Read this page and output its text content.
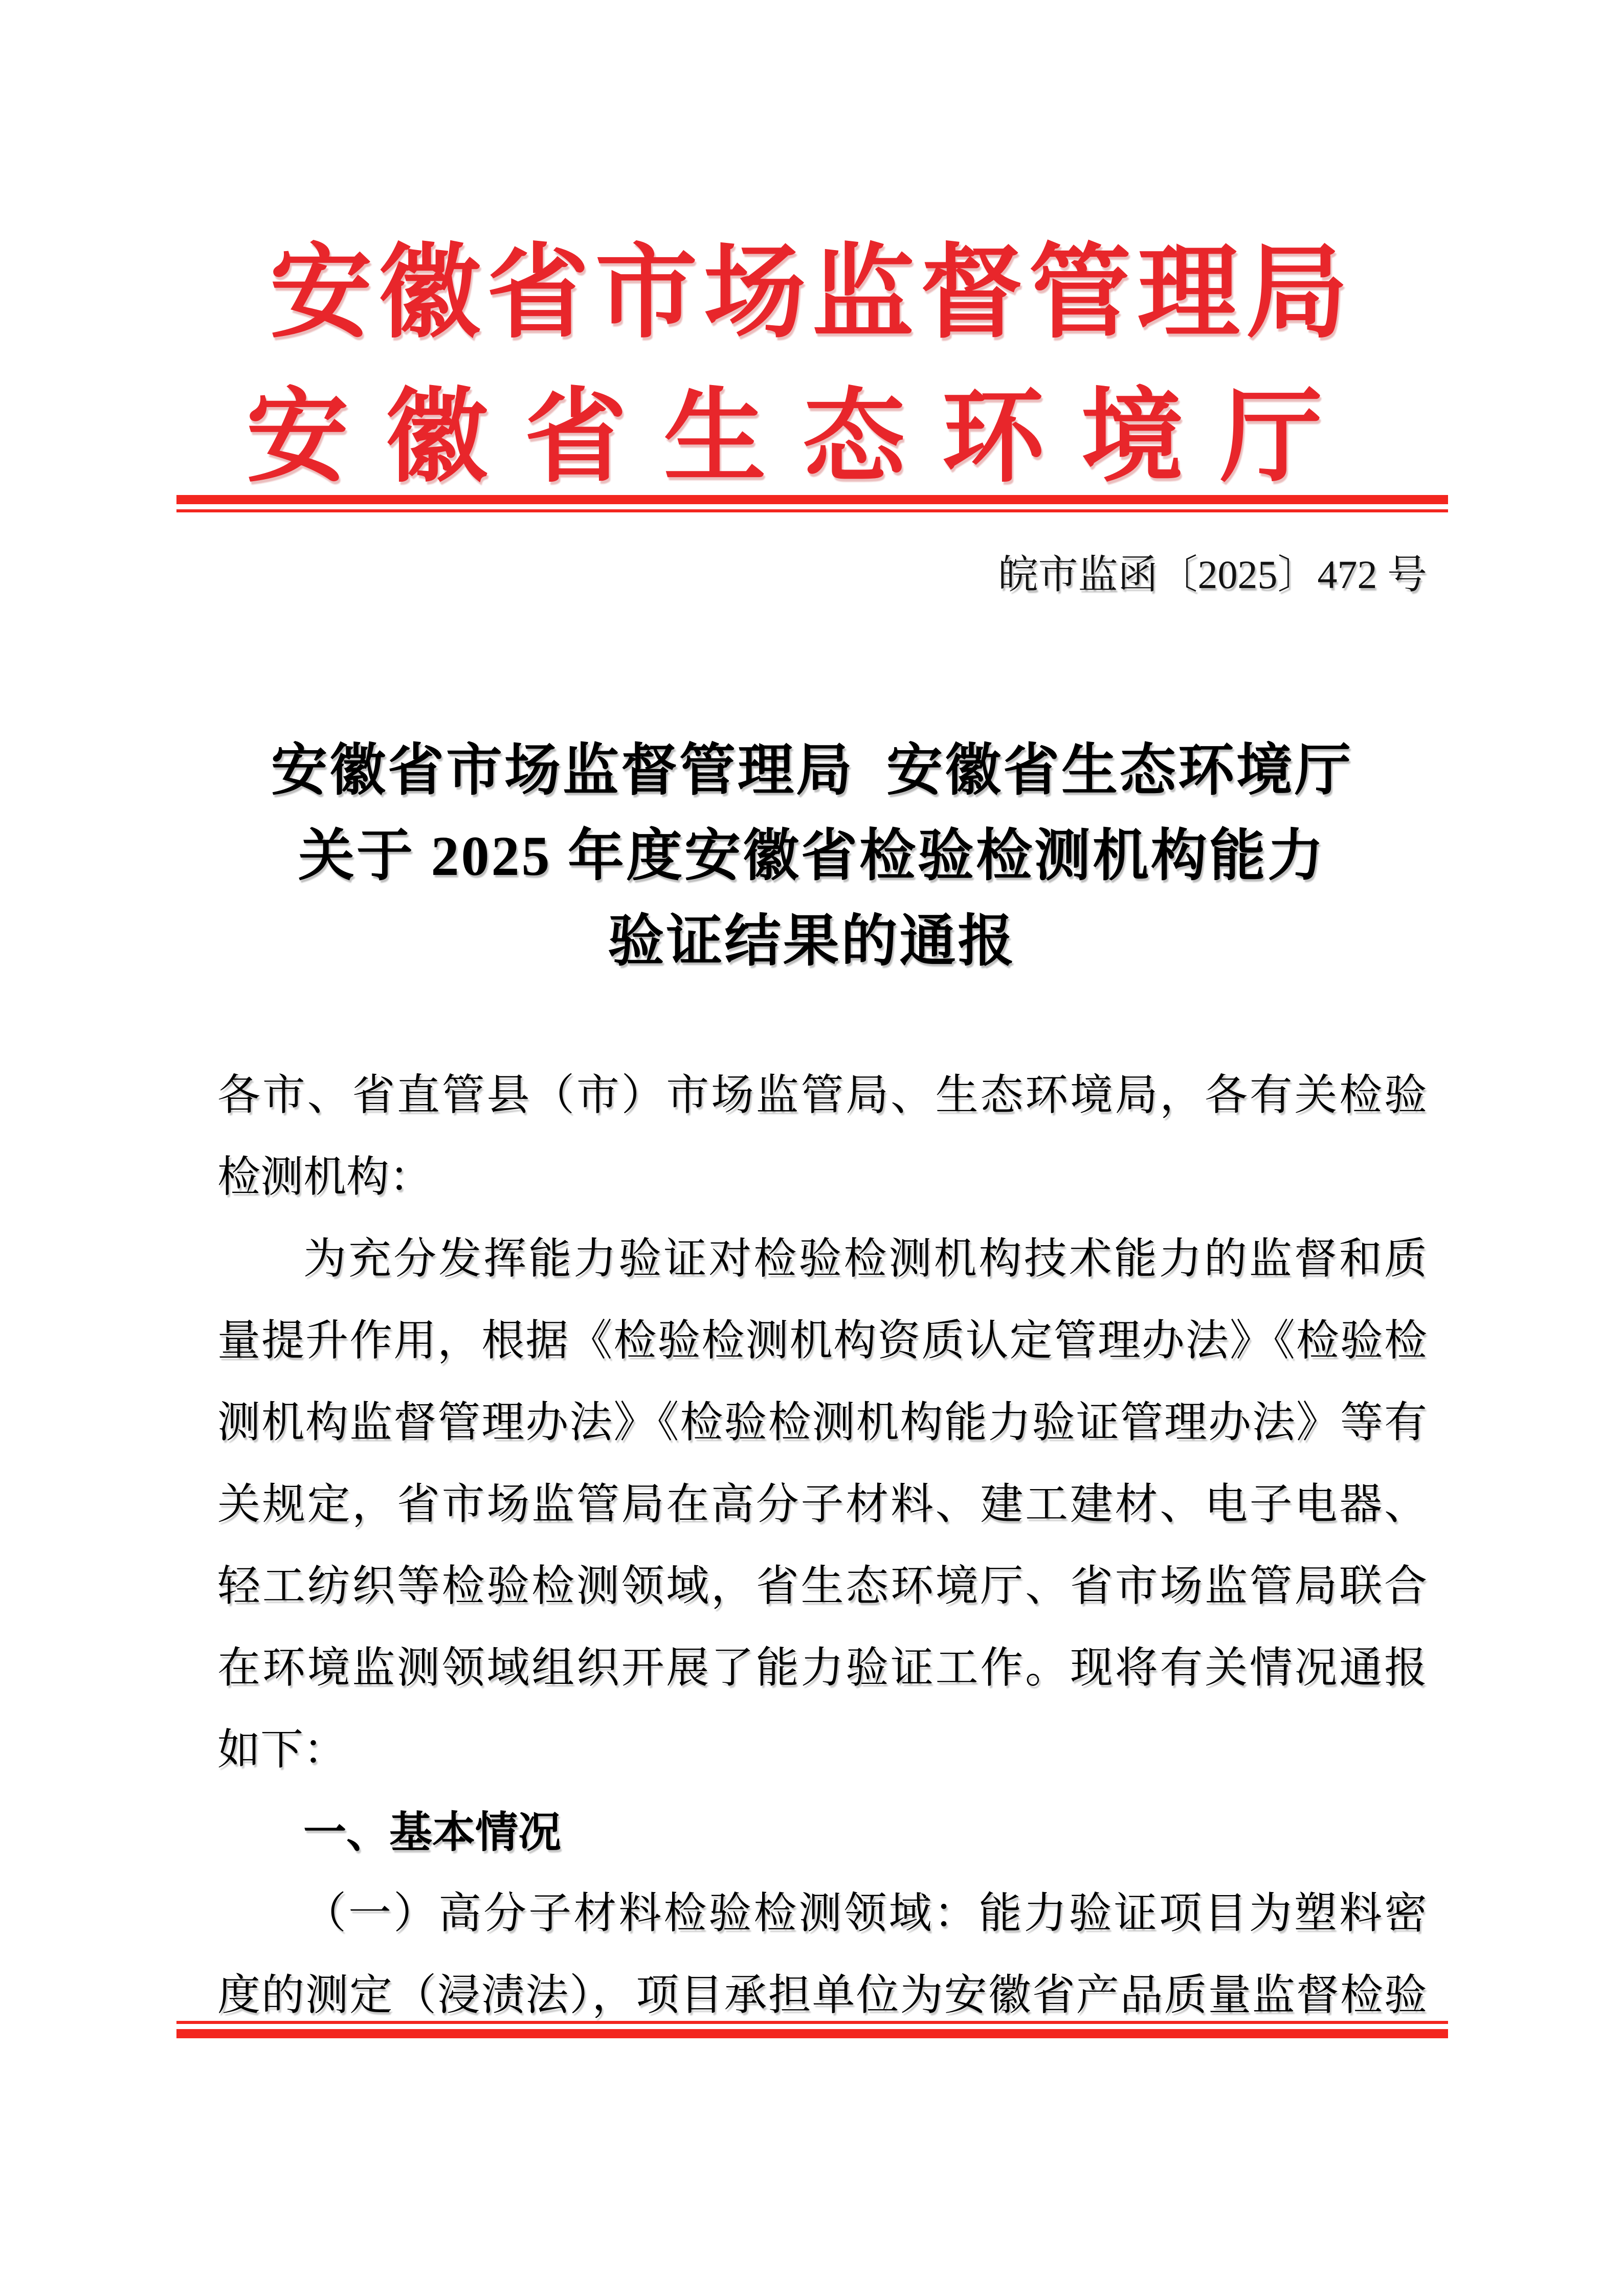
安徽省市场监督管理局
安徽省生态环境厅
皖市监函〔2025〕472 号
安徽省市场监督管理局  安徽省生态环境厅
关于 2025 年度安徽省检验检测机构能力
验证结果的通报
各市、省直管县（市）市场监管局、生态环境局，各有关检验
检测机构：
为充分发挥能力验证对检验检测机构技术能力的监督和质
量提升作用，根据《检验检测机构资质认定管理办法》《检验检
测机构监督管理办法》《检验检测机构能力验证管理办法》等有
关规定，省市场监管局在高分子材料、建工建材、电子电器、
轻工纺织等检验检测领域，省生态环境厅、省市场监管局联合
在环境监测领域组织开展了能力验证工作。现将有关情况通报
如下：
一、基本情况
（一）高分子材料检验检测领域：能力验证项目为塑料密
度的测定（浸渍法），项目承担单位为安徽省产品质量监督检验
